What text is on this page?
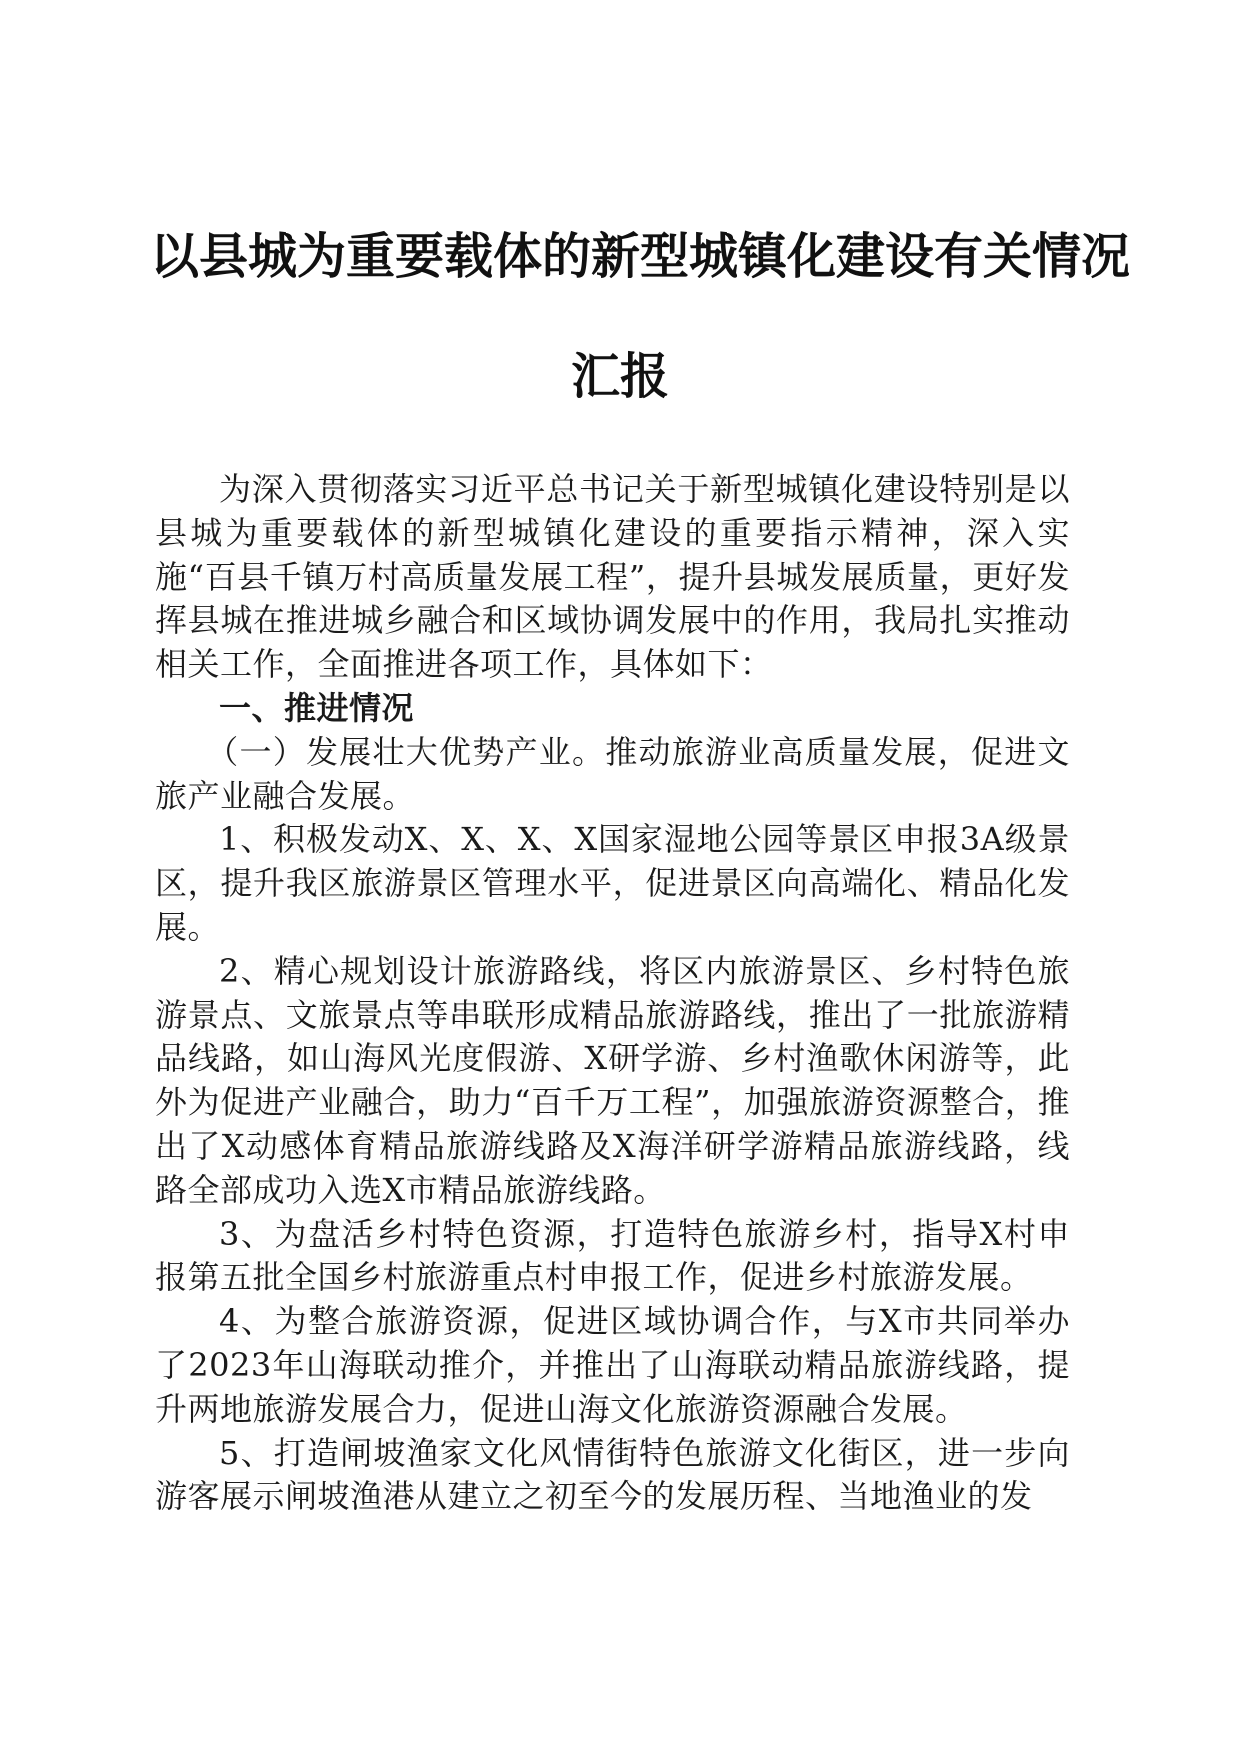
以县城为重要载体的新型城镇化建设有关情况
汇报

为深入贯彻落实习近平总书记关于新型城镇化建设特别是以县城为重要载体的新型城镇化建设的重要指示精神，深入实施“百县千镇万村高质量发展工程”，提升县城发展质量，更好发挥县城在推进城乡融合和区域协调发展中的作用，我局扎实推动相关工作，全面推进各项工作，具体如下：

一、推进情况

（一）发展壮大优势产业。推动旅游业高质量发展，促进文旅产业融合发展。

1、积极发动X、X、X、X国家湿地公园等景区申报3A级景区，提升我区旅游景区管理水平，促进景区向高端化、精品化发展。

2、精心规划设计旅游路线，将区内旅游景区、乡村特色旅游景点、文旅景点等串联形成精品旅游路线，推出了一批旅游精品线路，如山海风光度假游、X研学游、乡村渔歌休闲游等，此外为促进产业融合，助力“百千万工程”，加强旅游资源整合，推出了X动感体育精品旅游线路及X海洋研学游精品旅游线路，线路全部成功入选X市精品旅游线路。

3、为盘活乡村特色资源，打造特色旅游乡村，指导X村申报第五批全国乡村旅游重点村申报工作，促进乡村旅游发展。

4、为整合旅游资源，促进区域协调合作，与X市共同举办了2023年山海联动推介，并推出了山海联动精品旅游线路，提升两地旅游发展合力，促进山海文化旅游资源融合发展。

5、打造闸坡渔家文化风情街特色旅游文化街区，进一步向游客展示闸坡渔港从建立之初至今的发展历程、当地渔业的发
